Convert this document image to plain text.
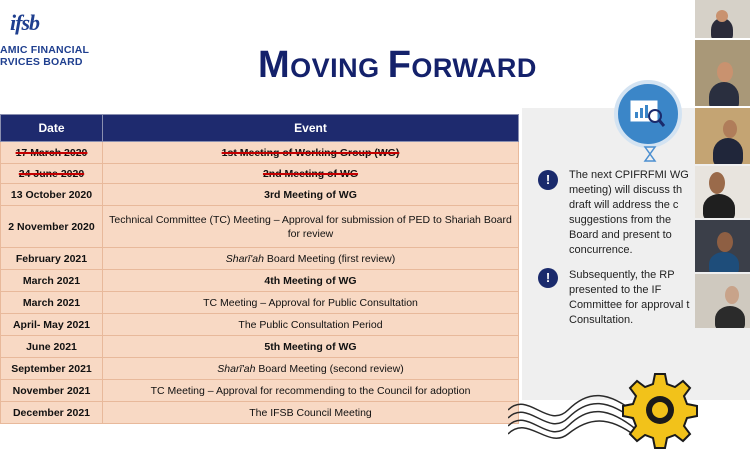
ifsb
AMIC FINANCIAL
RVICES BOARD	MOVING FORWARD
Date	Event
17 March 2020	1st Meeting of Working Group (WG)
24 June 2020	2nd Meeting of WG
13 October 2020	3rd Meeting of WG
2 November 2020	Technical Committee (TC) Meeting – Approval for submission of PED to Shariah Board for review
February 2021	Sharī'ah Board Meeting (first review)
March 2021	4th Meeting of WG
March 2021	TC Meeting – Approval for Public Consultation
April- May 2021	The Public Consultation Period
June 2021	5th Meeting of WG
September 2021	Sharī'ah Board Meeting (second review)
November 2021	TC Meeting – Approval for recommending to the Council for adoption
December 2021	The IFSB Council Meeting
!	The next CPIFRFMI WG
meeting) will discuss th
draft will address the c
suggestions from the
Board and present to
concurrence.
!	Subsequently, the RP
presented to the IF
Committee for approval t
Consultation.
